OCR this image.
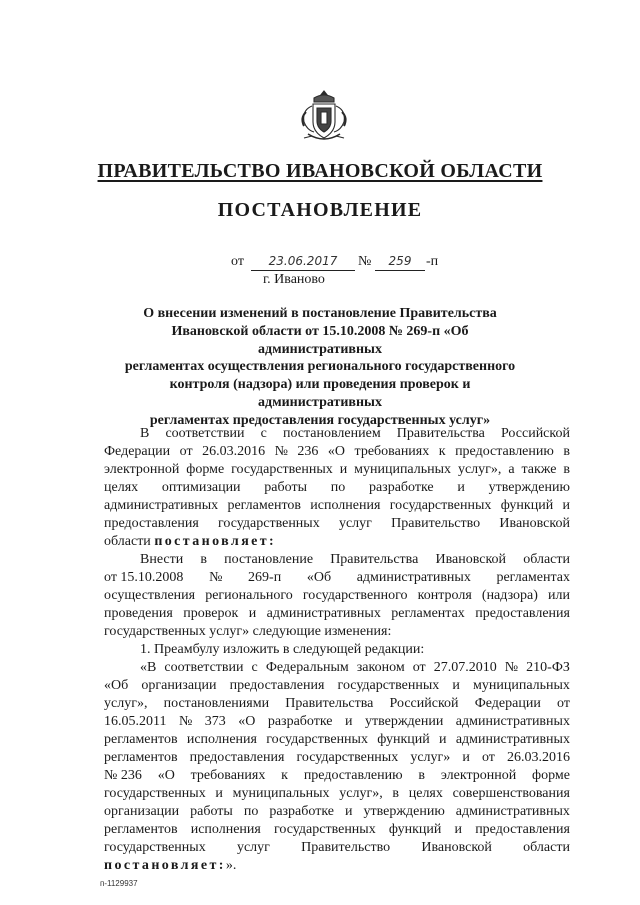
ПРАВИТЕЛЬСТВО ИВАНОВСКОЙ ОБЛАСТИ
ПОСТАНОВЛЕНИЕ
от	23.06.2017	№	259	-п
г. Иваново
О внесении изменений в постановление Правительства
Ивановской области от 15.10.2008 № 269-п «Об административных
регламентах осуществления регионального государственного
контроля (надзора) или проведения проверок и административных
регламентах предоставления государственных услуг»
В соответствии с постановлением Правительства Российской
Федерации от 26.03.2016 № 236 «О требованиях к предоставлению в
электронной форме государственных и муниципальных услуг», а также в
целях оптимизации работы по разработке и утверждению
административных регламентов исполнения государственных функций и
предоставления государственных услуг Правительство Ивановской
области постановляет:
Внести в постановление Правительства Ивановской области
от 15.10.2008 № 269-п «Об административных регламентах
осуществления регионального государственного контроля (надзора) или
проведения проверок и административных регламентах предоставления
государственных услуг» следующие изменения:
1. Преамбулу изложить в следующей редакции:
«В соответствии с Федеральным законом от 27.07.2010 № 210-ФЗ
«Об организации предоставления государственных и муниципальных
услуг», постановлениями Правительства Российской Федерации от
16.05.2011 № 373 «О разработке и утверждении административных
регламентов исполнения государственных функций и административных
регламентов предоставления государственных услуг» и от 26.03.2016
№ 236 «О требованиях к предоставлению в электронной форме
государственных и муниципальных услуг», в целях совершенствования
организации работы по разработке и утверждению административных
регламентов исполнения государственных функций и предоставления
государственных услуг Правительство Ивановской области
постановляет:».
п-1129937
